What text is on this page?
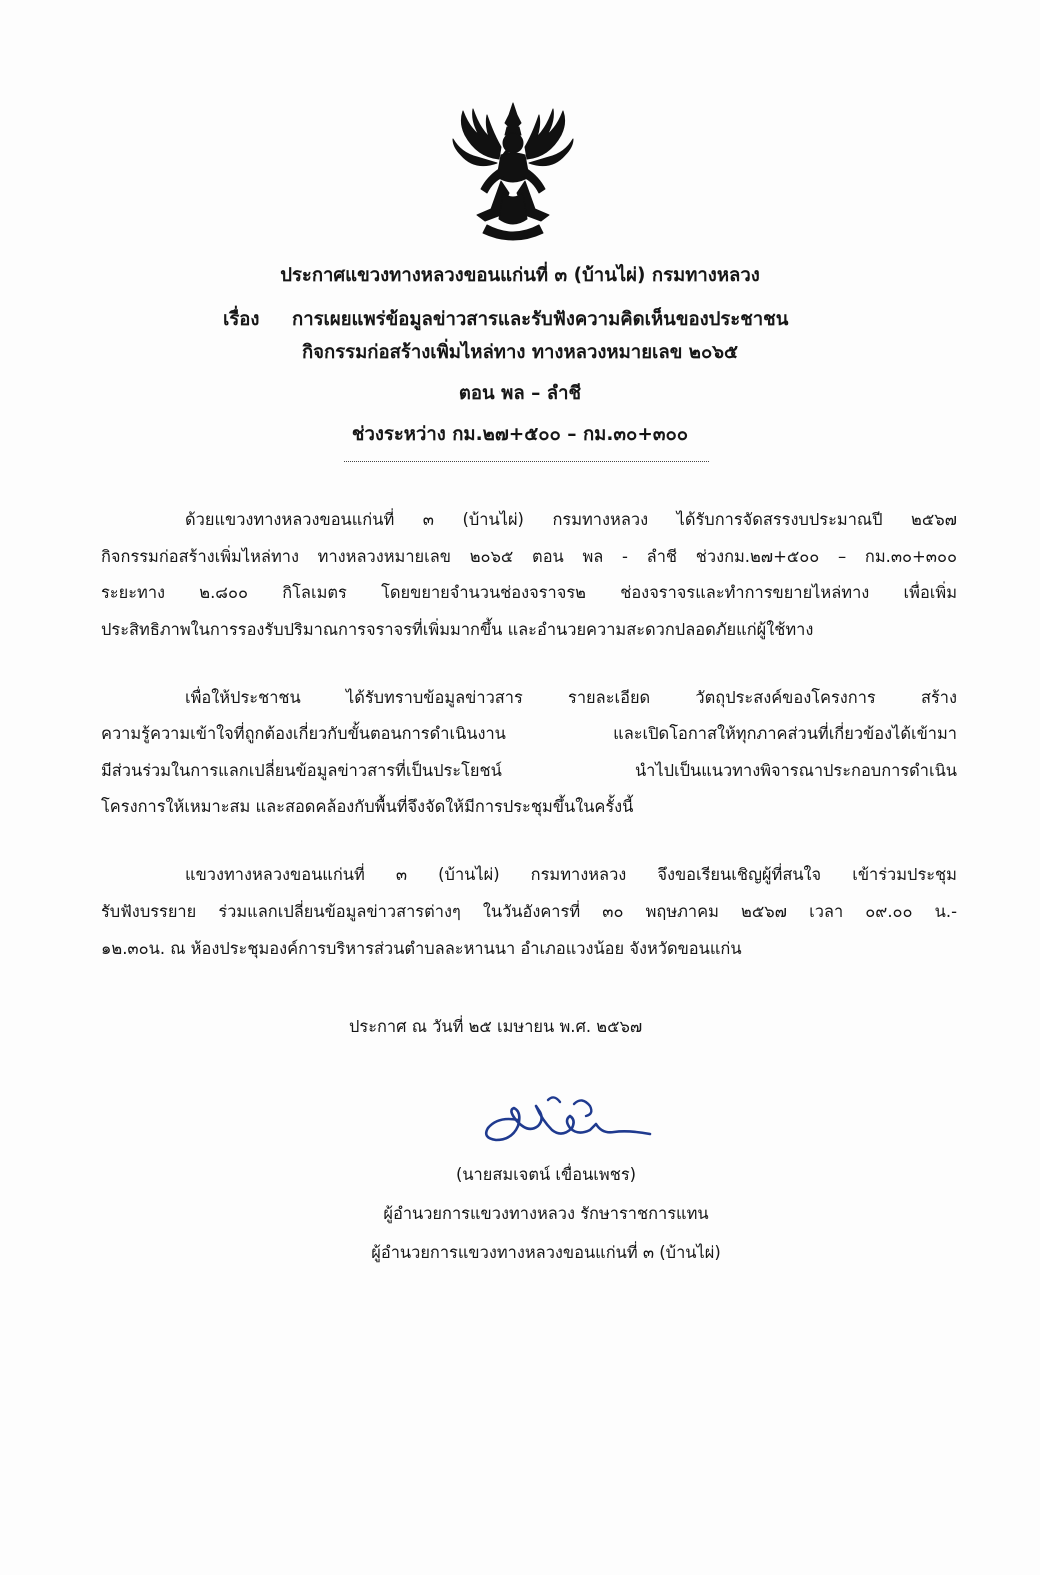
ประกาศแขวงทางหลวงขอนแก่นที่ ๓ (บ้านไผ่) กรมทางหลวง
เรื่อง การเผยแพร่ข้อมูลข่าวสารและรับฟังความคิดเห็นของประชาชน
กิจกรรมก่อสร้างเพิ่มไหล่ทาง ทางหลวงหมายเลข ๒๐๖๕
ตอน พล – ลำชี
ช่วงระหว่าง กม.๒๗+๕๐๐ – กม.๓๐+๓๐๐
ด้วยแขวงทางหลวงขอนแก่นที่ ๓ (บ้านไผ่) กรมทางหลวง ได้รับการจัดสรรงบประมาณปี ๒๕๖๗
กิจกรรมก่อสร้างเพิ่มไหล่ทาง ทางหลวงหมายเลข ๒๐๖๕ ตอน พล - ลำชี ช่วงกม.๒๗+๕๐๐ – กม.๓๐+๓๐๐
ระยะทาง ๒.๘๐๐ กิโลเมตร โดยขยายจำนวนช่องจราจร๒ ช่องจราจรและทำการขยายไหล่ทาง เพื่อเพิ่ม
ประสิทธิภาพในการรองรับปริมาณการจราจรที่เพิ่มมากขึ้น และอำนวยความสะดวกปลอดภัยแก่ผู้ใช้ทาง
เพื่อให้ประชาชน ได้รับทราบข้อมูลข่าวสาร รายละเอียด วัตถุประสงค์ของโครงการ สร้าง
ความรู้ความเข้าใจที่ถูกต้องเกี่ยวกับขั้นตอนการดำเนินงาน และเปิดโอกาสให้ทุกภาคส่วนที่เกี่ยวข้องได้เข้ามา
มีส่วนร่วมในการแลกเปลี่ยนข้อมูลข่าวสารที่เป็นประโยชน์ นำไปเป็นแนวทางพิจารณาประกอบการดำเนิน
โครงการให้เหมาะสม และสอดคล้องกับพื้นที่จึงจัดให้มีการประชุมขึ้นในครั้งนี้
แขวงทางหลวงขอนแก่นที่ ๓ (บ้านไผ่) กรมทางหลวง จึงขอเรียนเชิญผู้ที่สนใจ เข้าร่วมประชุม
รับฟังบรรยาย ร่วมแลกเปลี่ยนข้อมูลข่าวสารต่างๆ ในวันอังคารที่ ๓๐ พฤษภาคม ๒๕๖๗ เวลา ๐๙.๐๐ น.-
๑๒.๓๐น. ณ ห้องประชุมองค์การบริหารส่วนตำบลละหานนา อำเภอแวงน้อย จังหวัดขอนแก่น
ประกาศ ณ วันที่ ๒๕ เมษายน พ.ศ. ๒๕๖๗
(นายสมเจตน์ เขื่อนเพชร)
ผู้อำนวยการแขวงทางหลวง รักษาราชการแทน
ผู้อำนวยการแขวงทางหลวงขอนแก่นที่ ๓ (บ้านไผ่)
